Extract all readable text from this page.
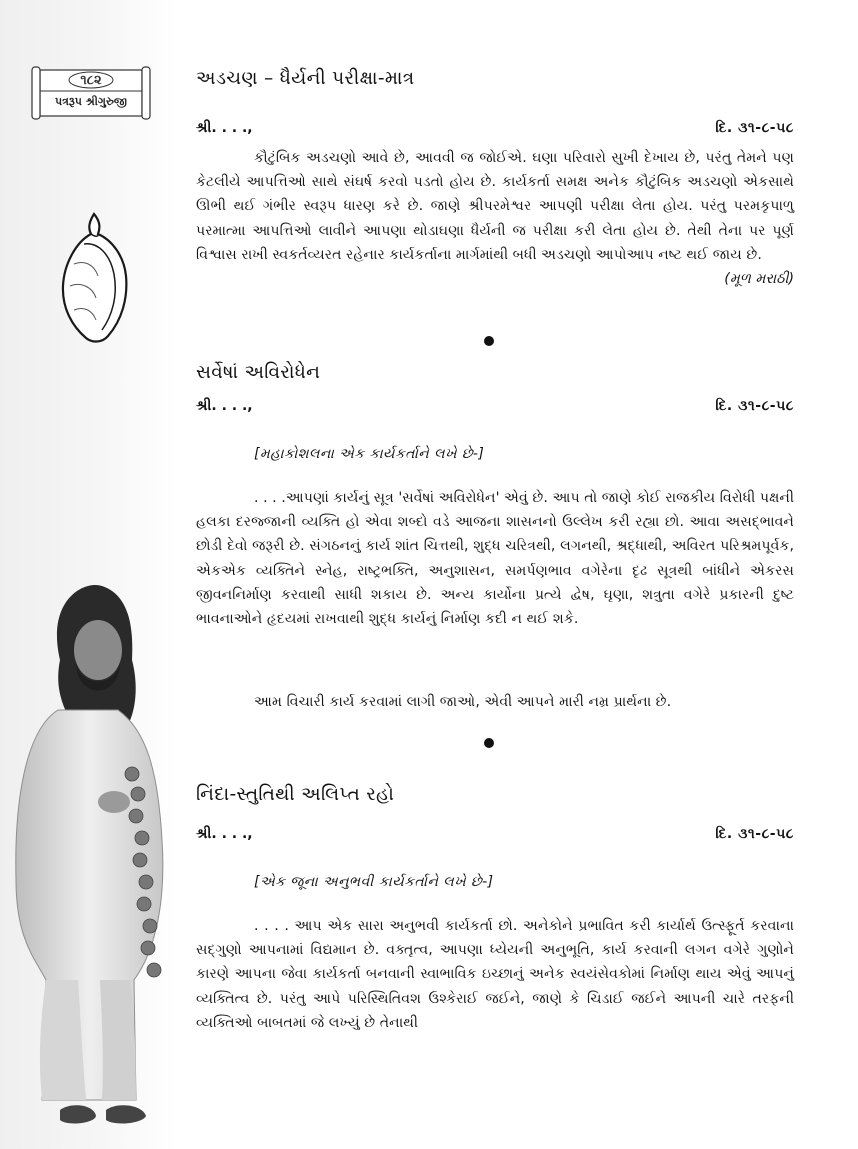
૧૮૨
પત્રરૂપ શ્રીગુરુજી
અડચણ – ધૈર્યની પરીક્ષા-માત્ર
શ્રી. . . .,	દિ. ૩૧-૮-૫૮

કૌટુંબિક અડચણો આવે છે, આવવી જ જોઈએ. ઘણા પરિવારો સુખી દેખાય છે, પરંતુ તેમને પણ કેટલીયે આપત્તિઓ સાથે સંઘર્ષ કરવો પડતો હોય છે. કાર્યકર્તા સમક્ષ અનેક કૌટુંબિક અડચણો એકસાથે ઊભી થઈ ગંભીર સ્વરૂપ ધારણ કરે છે. જાણે શ્રીપરમેશ્વર આપણી પરીક્ષા લેતા હોય. પરંતુ પરમકૃપાળુ પરમાત્મા આપત્તિઓ લાવીને આપણા થોડાઘણા ધૈર્યની જ પરીક્ષા કરી લેતા હોય છે. તેથી તેના પર પૂર્ણ વિશ્વાસ રાખી સ્વકર્તવ્યરત રહેનાર કાર્યકર્તાના માર્ગમાંથી બધી અડચણો આપોઆપ નષ્ટ થઈ જાય છે.
(મૂળ મરાઠી)

સર્વેષાં અવિરોધેન
શ્રી. . . .,	દિ. ૩૧-૮-૫૮
[મહાકોશલના એક કાર્યકર્તાને લખે છે-]

. . . .આપણાં કાર્યનું સૂત્ર 'સર્વેષાં અવિરોધેન' એવું છે. આપ તો જાણે કોઈ રાજકીય વિરોધી પક્ષની હલકા દરજ્જાની વ્યક્તિ હો એવા શબ્દો વડે આજના શાસનનો ઉલ્લેખ કરી રહ્યા છો. આવા અસદ્ભાવને છોડી દેવો જરૂરી છે. સંગઠનનું કાર્ય શાંત ચિત્તથી, શુદ્ધ ચરિત્રથી, લગનથી, શ્રદ્ધાથી, અવિરત પરિશ્રમપૂર્વક, એકએક વ્યક્તિને સ્નેહ, રાષ્ટ્રભક્તિ, અનુશાસન, સમર્પણભાવ વગેરેના દૃઢ સૂત્રથી બાંધીને એકરસ જીવનનિર્માણ કરવાથી સાધી શકાય છે. અન્ય કાર્યોના પ્રત્યે દ્વેષ, ઘૃણા, શત્રુતા વગેરે પ્રકારની દુષ્ટ ભાવનાઓને હૃદયમાં રાખવાથી શુદ્ધ કાર્યનું નિર્માણ કદી ન થઈ શકે.

આમ વિચારી કાર્ય કરવામાં લાગી જાઓ, એવી આપને મારી નમ્ર પ્રાર્થના છે.

નિંદા-સ્તુતિથી અલિપ્ત રહો
શ્રી. . . .,	દિ. ૩૧-૮-૫૮
[એક જૂના અનુભવી કાર્યકર્તાને લખે છે-]

. . . . આપ એક સારા અનુભવી કાર્યકર્તા છો. અનેકોને પ્રભાવિત કરી કાર્યાર્થ ઉત્સ્ફૂર્ત કરવાના સદ્ગુણો આપનામાં વિદ્યમાન છે. વક્તૃત્વ, આપણા ધ્યેયની અનુભૂતિ, કાર્ય કરવાની લગન વગેરે ગુણોને કારણે આપના જેવા કાર્યકર્તા બનવાની સ્વાભાવિક ઇચ્છાનું અનેક સ્વયંસેવકોમાં નિર્માણ થાય એવું આપનું વ્યક્તિત્વ છે. પરંતુ આપે પરિસ્થિતિવશ ઉશ્કેરાઈ જઈને, જાણે કે ચિડાઈ જઈને આપની ચારે તરફની વ્યક્તિઓ બાબતમાં જે લખ્યું છે તેનાથી
